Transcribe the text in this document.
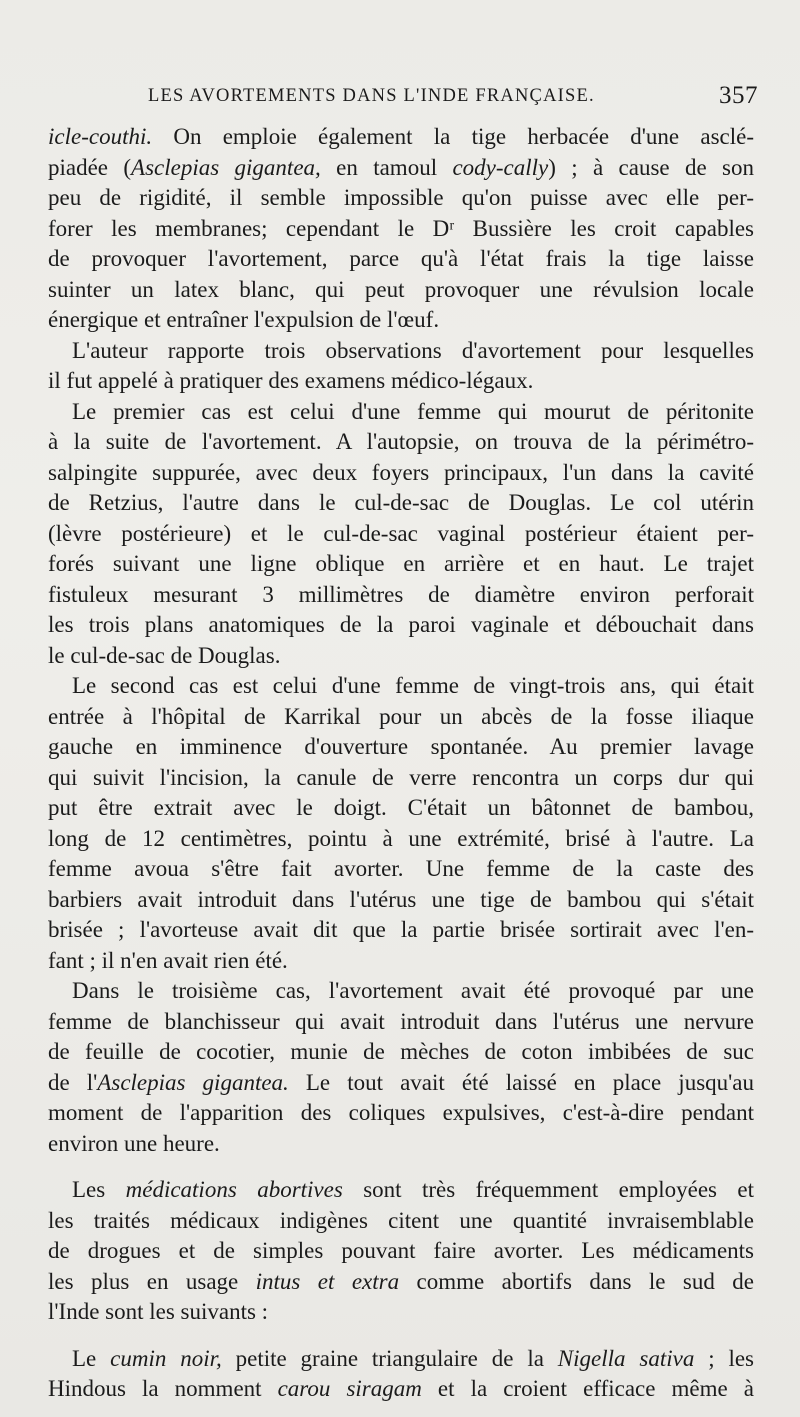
LES AVORTEMENTS DANS L'INDE FRANÇAISE.	357
icle-couthi. On emploie également la tige herbacée d'une asclé-
piadée (Asclepias gigantea, en tamoul cody-cally) ; à cause de son
peu de rigidité, il semble impossible qu'on puisse avec elle per-
forer les membranes; cependant le Dʳ Bussière les croit capables
de provoquer l'avortement, parce qu'à l'état frais la tige laisse
suinter un latex blanc, qui peut provoquer une révulsion locale
énergique et entraîner l'expulsion de l'œuf.
L'auteur rapporte trois observations d'avortement pour lesquelles
il fut appelé à pratiquer des examens médico-légaux.
Le premier cas est celui d'une femme qui mourut de péritonite
à la suite de l'avortement. A l'autopsie, on trouva de la périmétro-
salpingite suppurée, avec deux foyers principaux, l'un dans la cavité
de Retzius, l'autre dans le cul-de-sac de Douglas. Le col utérin
(lèvre postérieure) et le cul-de-sac vaginal postérieur étaient per-
forés suivant une ligne oblique en arrière et en haut. Le trajet
fistuleux mesurant 3 millimètres de diamètre environ perforait
les trois plans anatomiques de la paroi vaginale et débouchait dans
le cul-de-sac de Douglas.
Le second cas est celui d'une femme de vingt-trois ans, qui était
entrée à l'hôpital de Karrikal pour un abcès de la fosse iliaque
gauche en imminence d'ouverture spontanée. Au premier lavage
qui suivit l'incision, la canule de verre rencontra un corps dur qui
put être extrait avec le doigt. C'était un bâtonnet de bambou,
long de 12 centimètres, pointu à une extrémité, brisé à l'autre. La
femme avoua s'être fait avorter. Une femme de la caste des
barbiers avait introduit dans l'utérus une tige de bambou qui s'était
brisée ; l'avorteuse avait dit que la partie brisée sortirait avec l'en-
fant ; il n'en avait rien été.
Dans le troisième cas, l'avortement avait été provoqué par une
femme de blanchisseur qui avait introduit dans l'utérus une nervure
de feuille de cocotier, munie de mèches de coton imbibées de suc
de l'Asclepias gigantea. Le tout avait été laissé en place jusqu'au
moment de l'apparition des coliques expulsives, c'est-à-dire pendant
environ une heure.
Les médications abortives sont très fréquemment employées et
les traités médicaux indigènes citent une quantité invraisemblable
de drogues et de simples pouvant faire avorter. Les médicaments
les plus en usage intus et extra comme abortifs dans le sud de
l'Inde sont les suivants :
Le cumin noir, petite graine triangulaire de la Nigella sativa ; les
Hindous la nomment carou siragam et la croient efficace même à
